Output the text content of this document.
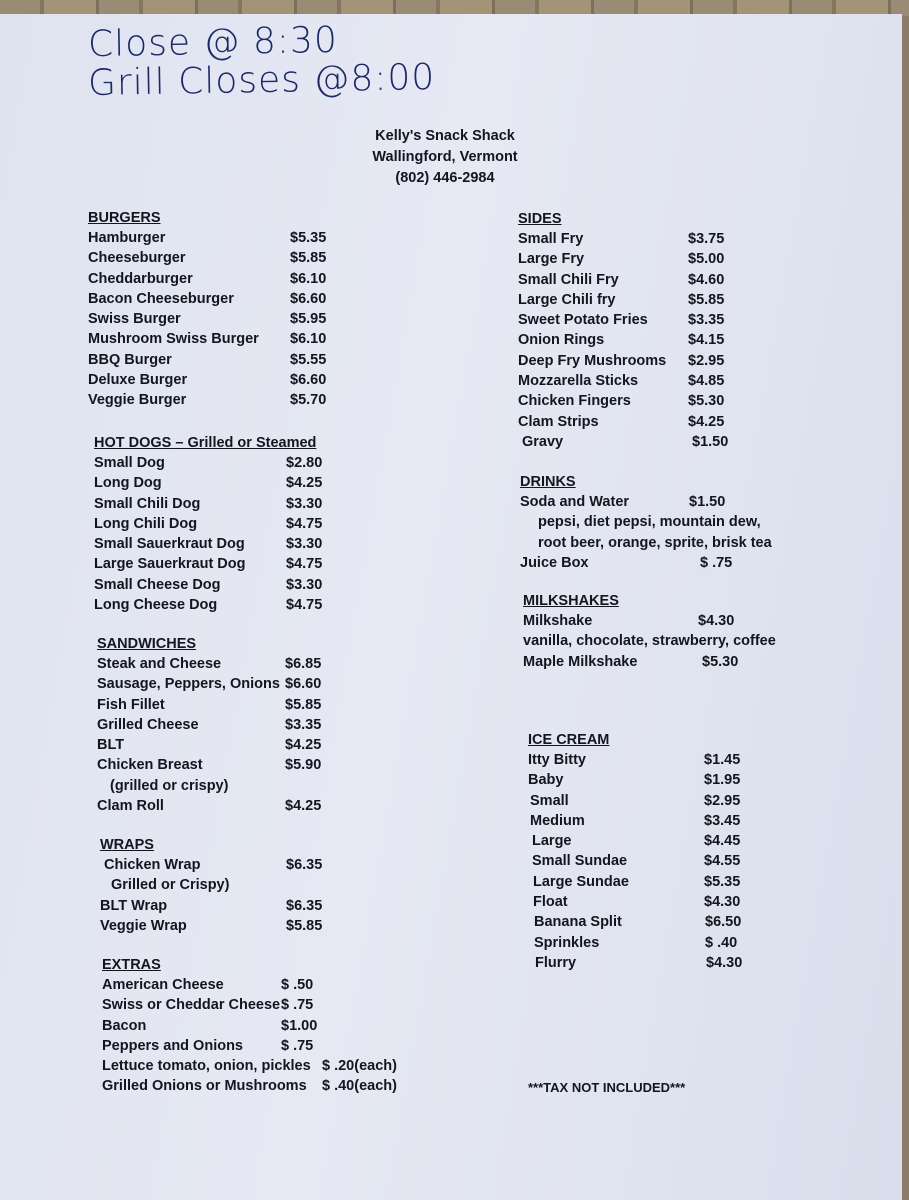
Close @ 8:30
Grill Closes @8:00
Kelly's Snack Shack
Wallingford, Vermont
(802) 446-2984
BURGERS
Hamburger	$5.35
Cheeseburger	$5.85
Cheddarburger	$6.10
Bacon Cheeseburger	$6.60
Swiss Burger	$5.95
Mushroom Swiss Burger $6.10
BBQ Burger	$5.55
Deluxe Burger	$6.60
Veggie Burger	$5.70
HOT DOGS – Grilled or Steamed
Small Dog	$2.80
Long Dog	$4.25
Small Chili Dog	$3.30
Long Chili Dog	$4.75
Small Sauerkraut Dog	$3.30
Large Sauerkraut Dog	$4.75
Small Cheese Dog	$3.30
Long Cheese Dog	$4.75
SANDWICHES
Steak and Cheese	$6.85
Sausage, Peppers, Onions $6.60
Fish Fillet	$5.85
Grilled Cheese	$3.35
BLT	$4.25
Chicken Breast	$5.90
(grilled or crispy)
Clam Roll	$4.25
WRAPS
Chicken Wrap	$6.35
Grilled or Crispy)
BLT Wrap	$6.35
Veggie Wrap	$5.85
EXTRAS
American Cheese	$ .50
Swiss or Cheddar Cheese $ .75
Bacon	$1.00
Peppers and Onions	$ .75
Lettuce tomato, onion, pickles $ .20(each)
Grilled Onions or Mushrooms $ .40(each)
SIDES
Small Fry	$3.75
Large Fry	$5.00
Small Chili Fry	$4.60
Large Chili fry	$5.85
Sweet Potato Fries	$3.35
Onion Rings	$4.15
Deep Fry Mushrooms $2.95
Mozzarella Sticks	$4.85
Chicken Fingers	$5.30
Clam Strips	$4.25
Gravy	$1.50
DRINKS
Soda and Water	$1.50
pepsi, diet pepsi, mountain dew,
root beer, orange, sprite, brisk tea
Juice Box	$ .75
MILKSHAKES
Milkshake	$4.30
vanilla, chocolate, strawberry, coffee
Maple Milkshake	$5.30
ICE CREAM
Itty Bitty	$1.45
Baby	$1.95
Small	$2.95
Medium	$3.45
Large	$4.45
Small Sundae	$4.55
Large Sundae	$5.35
Float	$4.30
Banana Split	$6.50
Sprinkles	$ .40
Flurry	$4.30
***TAX NOT INCLUDED***
